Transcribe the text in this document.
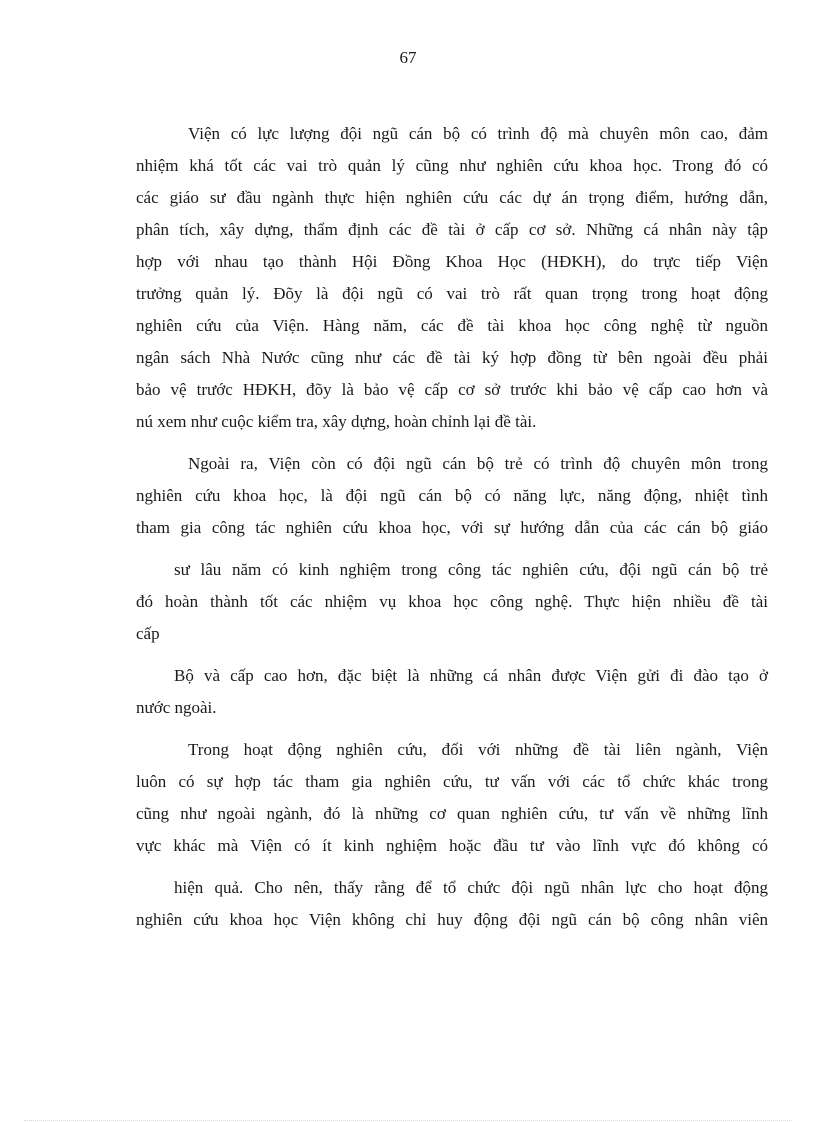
67
Viện có lực lượng đội ngũ cán bộ có trình độ mà chuyên môn cao, đảm
nhiệm khá tốt các vai trò quản lý cũng như nghiên cứu khoa học. Trong đó có
các giáo sư đầu ngành thực hiện nghiên cứu các dự án trọng điểm, hướng dẫn,
phân tích, xây dựng, thẩm định các đề tài ở cấp cơ sở. Những cá nhân này tập
hợp với nhau tạo thành Hội Đồng Khoa Học (HĐKH), do trực tiếp Viện
trưởng quản lý. Đõy là đội ngũ có vai trò rất quan trọng trong hoạt động
nghiên cứu của Viện. Hàng năm, các đề tài khoa học công nghệ từ nguồn
ngân sách Nhà Nước cũng như các đề tài ký hợp đồng từ bên ngoài đều phải
bảo vệ trước HĐKH, đõy là bảo vệ cấp cơ sở trước khi bảo vệ cấp cao hơn và
nú xem như cuộc kiểm tra, xây dựng, hoàn chỉnh lại đề tài.
Ngoài ra, Viện còn có đội ngũ cán bộ trẻ có trình độ chuyên môn trong
nghiên cứu khoa học, là đội ngũ cán bộ có năng lực, năng động, nhiệt tình
tham gia công tác nghiên cứu khoa học, với sự hướng dẫn của các cán bộ giáo
sư lâu năm có kinh nghiệm trong công tác nghiên cứu, đội ngũ cán bộ trẻ
đó hoàn thành tốt các nhiệm vụ khoa học công nghệ. Thực hiện nhiều đề tài
cấp
Bộ và cấp cao hơn, đặc biệt là những cá nhân được Viện gửi đi đào tạo ở
nước ngoài.
Trong hoạt động nghiên cứu, đối với những đề tài liên ngành, Viện
luôn có sự hợp tác tham gia nghiên cứu, tư vấn với các tổ chức khác trong
cũng như ngoài ngành, đó là những cơ quan nghiên cứu, tư vấn về những lĩnh
vực khác mà Viện có ít kinh nghiệm hoặc đầu tư vào lĩnh vực đó không có
hiện quả. Cho nên, thấy rằng để tổ chức đội ngũ nhân lực cho hoạt động
nghiên cứu khoa học Viện không chỉ huy động đội ngũ cán bộ công nhân viên
